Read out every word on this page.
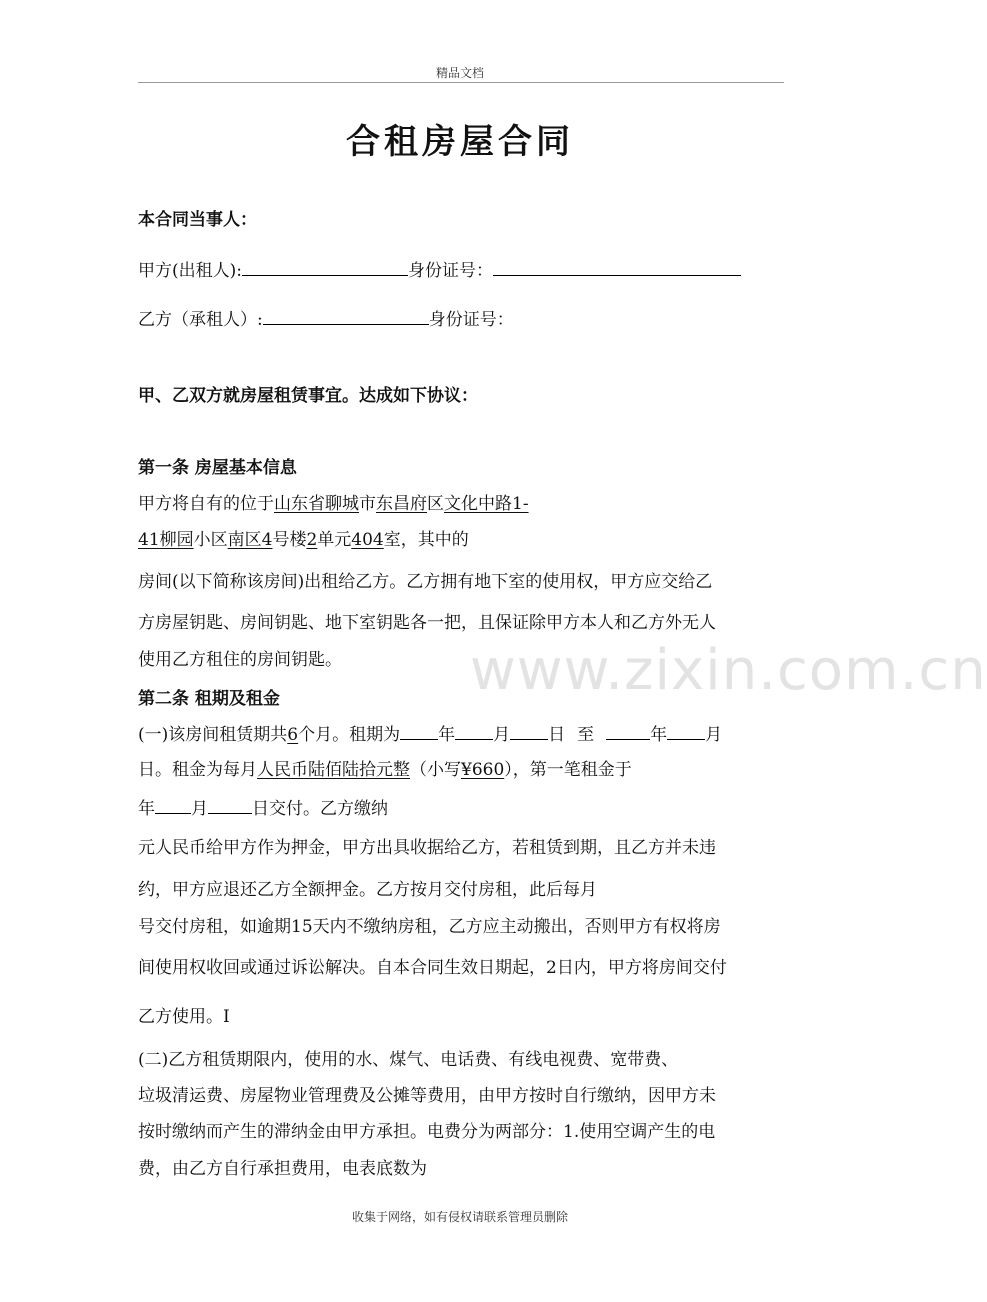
精品文档
合租房屋合同
www.zixin.com.cn
本合同当事人：
甲方(出租人):	身份证号：
乙方（承租人）:	身份证号：
甲、乙双方就房屋租赁事宜。达成如下协议：
第一条 房屋基本信息
甲方将自有的位于山东省聊城市东昌府区文化中路1-
41柳园小区南区4号楼2单元404室，其中的
房间(以下简称该房间)出租给乙方。乙方拥有地下室的使用权，甲方应交给乙
方房屋钥匙、房间钥匙、地下室钥匙各一把，且保证除甲方本人和乙方外无人
使用乙方租住的房间钥匙。
第二条 租期及租金
(一)该房间租赁期共6个月。租期为 年 月 日 至	年 月
日。租金为每月人民币陆佰陆拾元整（小写¥660），第一笔租金于
年 月	日交付。乙方缴纳
元人民币给甲方作为押金，甲方出具收据给乙方，若租赁到期，且乙方并未违
约，甲方应退还乙方全额押金。乙方按月交付房租，此后每月
号交付房租，如逾期15天内不缴纳房租，乙方应主动搬出，否则甲方有权将房
间使用权收回或通过诉讼解决。自本合同生效日期起，2日内，甲方将房间交付
乙方使用。I
(二)乙方租赁期限内，使用的水、煤气、电话费、有线电视费、宽带费、
垃圾清运费、房屋物业管理费及公摊等费用，由甲方按时自行缴纳，因甲方未
按时缴纳而产生的滞纳金由甲方承担。电费分为两部分：1.使用空调产生的电
费，由乙方自行承担费用，电表底数为
收集于网络，如有侵权请联系管理员删除
